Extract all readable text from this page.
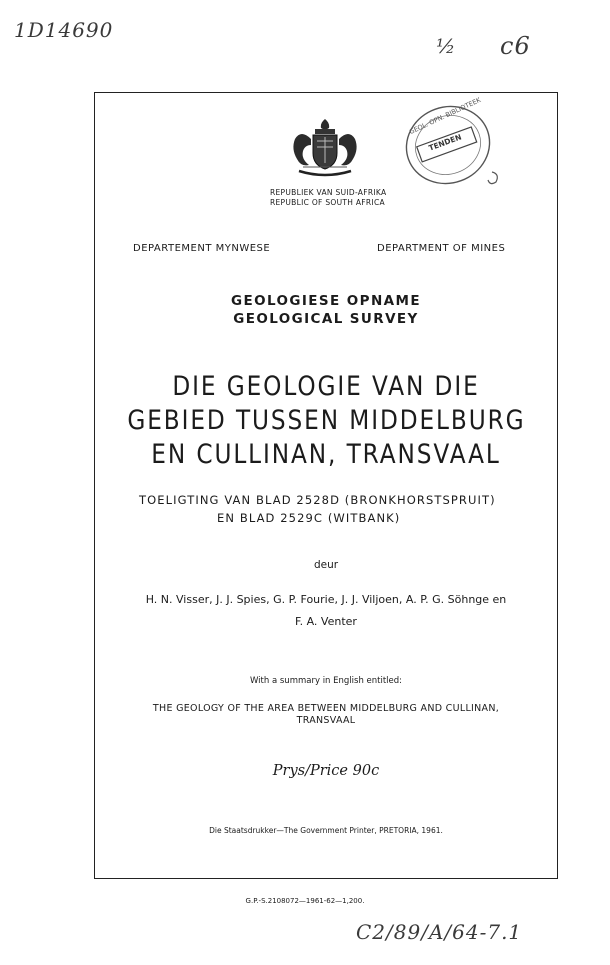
1D14690
½ c6
GEOL. OPN. BIBLIOTEEK
TENDEN
REPUBLIEK VAN SUID-AFRIKA
REPUBLIC OF SOUTH AFRICA
DEPARTEMENT MYNWESE	DEPARTMENT OF MINES
GEOLOGIESE OPNAME
GEOLOGICAL SURVEY
DIE GEOLOGIE VAN DIE
GEBIED TUSSEN MIDDELBURG
EN CULLINAN, TRANSVAAL
TOELIGTING VAN BLAD 2528D (BRONKHORSTSPRUIT)
EN BLAD 2529C (WITBANK)
deur
H. N. Visser, J. J. Spies, G. P. Fourie, J. J. Viljoen, A. P. G. Söhnge en
F. A. Venter
With a summary in English entitled:
THE GEOLOGY OF THE AREA BETWEEN MIDDELBURG AND CULLINAN,
TRANSVAAL
Prys/Price 90c
Die Staatsdrukker—The Government Printer, PRETORIA, 1961.
G.P.-S.2108072—1961-62—1,200.
C2/89/A/64-7.1
